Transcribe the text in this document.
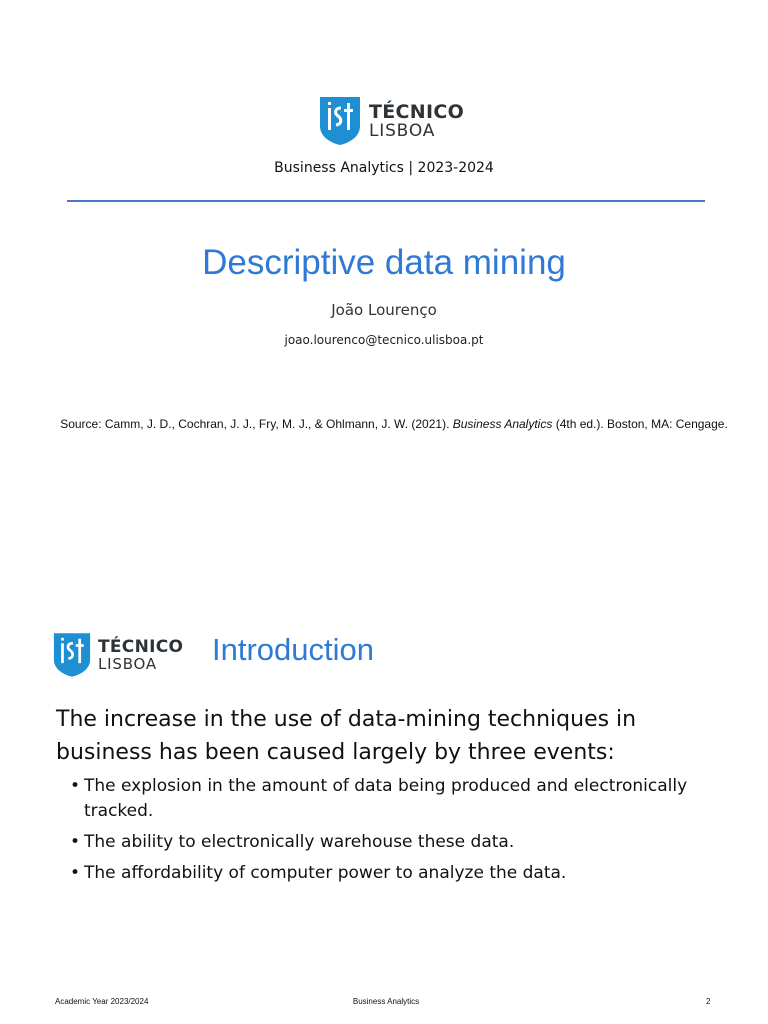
TÉCNICO
LISBOA
Business Analytics | 2023-2024
Descriptive data mining
João Lourenço
joao.lourenco@tecnico.ulisboa.pt
Source: Camm, J. D., Cochran, J. J., Fry, M. J., & Ohlmann, J. W. (2021). Business Analytics (4th ed.). Boston, MA: Cengage.
TÉCNICO
LISBOA	Introduction
The increase in the use of data-mining techniques in business has been caused largely by three events:
• The explosion in the amount of data being produced and electronically tracked.
• The ability to electronically warehouse these data.
• The affordability of computer power to analyze the data.
Academic Year 2023/2024	Business Analytics	2
